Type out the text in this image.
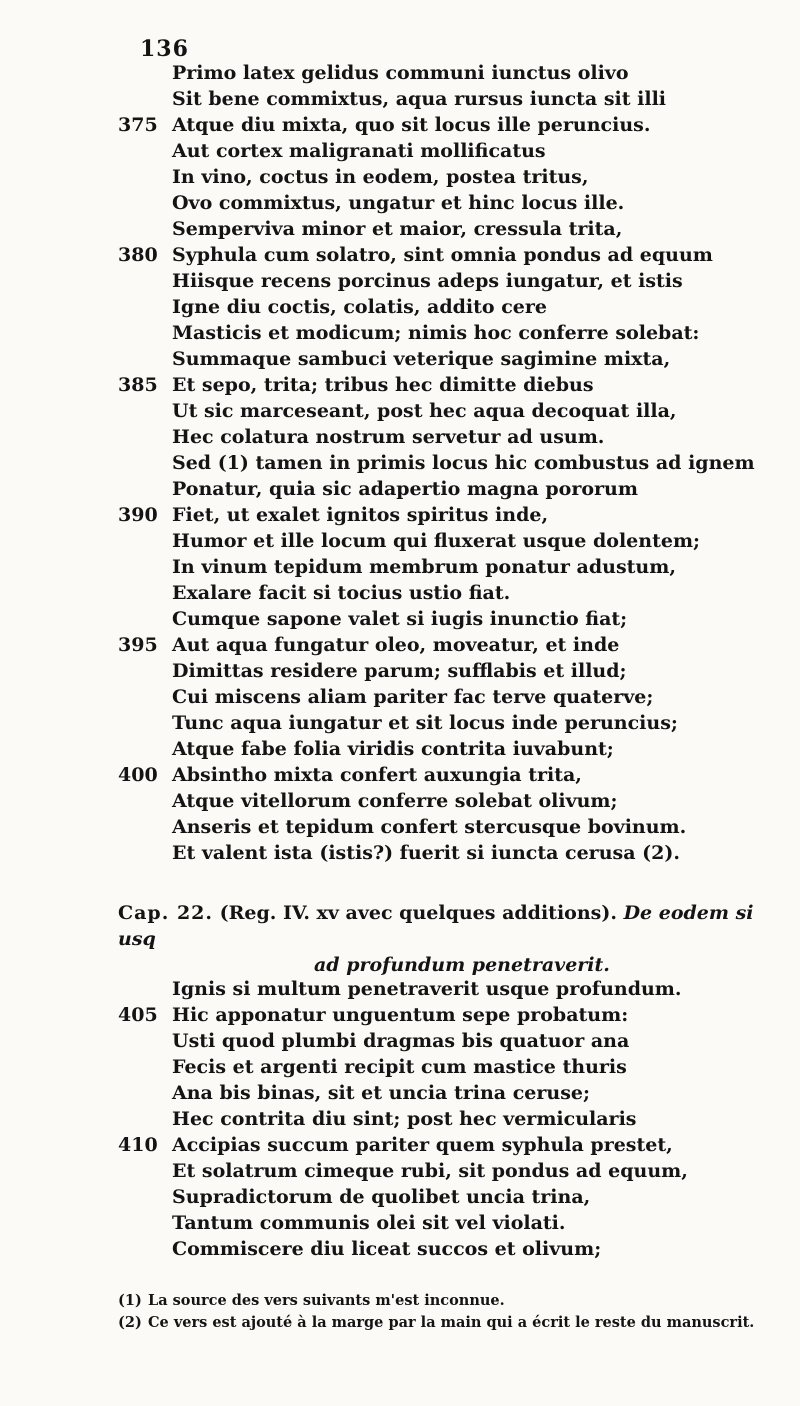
136
Primo latex gelidus communi iunctus olivo
Sit bene commixtus, aqua rursus iuncta sit illi
375 Atque diu mixta, quo sit locus ille peruncius.
Aut cortex maligranati mollificatus
In vino, coctus in eodem, postea tritus,
Ovo commixtus, ungatur et hinc locus ille.
Semperviva minor et maior, cressula trita,
380 Syphula cum solatro, sint omnia pondus ad equum
Hiisque recens porcinus adeps iungatur, et istis
Igne diu coctis, colatis, addito cere
Masticis et modicum; nimis hoc conferre solebat:
Summaque sambuci veterique sagimine mixta,
385 Et sepo, trita; tribus hec dimitte diebus
Ut sic marceseant, post hec aqua decoquat illa,
Hec colatura nostrum servetur ad usum.
Sed (1) tamen in primis locus hic combustus ad ignem
Ponatur, quia sic adapertio magna pororum
390 Fiet, ut exalet ignitos spiritus inde,
Humor et ille locum qui fluxerat usque dolentem;
In vinum tepidum membrum ponatur adustum,
Exalare facit si tocius ustio fiat.
Cumque sapone valet si iugis inunctio fiat;
395 Aut aqua fungatur oleo, moveatur, et inde
Dimittas residere parum; sufflabis et illud;
Cui miscens aliam pariter fac terve quaterve;
Tunc aqua iungatur et sit locus inde peruncius;
Atque fabe folia viridis contrita iuvabunt;
400 Absintho mixta confert auxungia trita,
Atque vitellorum conferre solebat olivum;
Anseris et tepidum confert stercusque bovinum.
Et valent ista (istis?) fuerit si iuncta cerusa (2).
Cap. 22. (Reg. IV. xv avec quelques additions). De eodem si usq
ad profundum penetraverit.
Ignis si multum penetraverit usque profundum.
405 Hic apponatur unguentum sepe probatum:
Usti quod plumbi dragmas bis quatuor ana
Fecis et argenti recipit cum mastice thuris
Ana bis binas, sit et uncia trina ceruse;
Hec contrita diu sint; post hec vermicularis
410 Accipias succum pariter quem syphula prestet,
Et solatrum cimeque rubi, sit pondus ad equum,
Supradictorum de quolibet uncia trina,
Tantum communis olei sit vel violati.
Commiscere diu liceat succos et olivum;
(1) La source des vers suivants m'est inconnue.
(2) Ce vers est ajouté à la marge par la main qui a écrit le reste du manuscrit.
